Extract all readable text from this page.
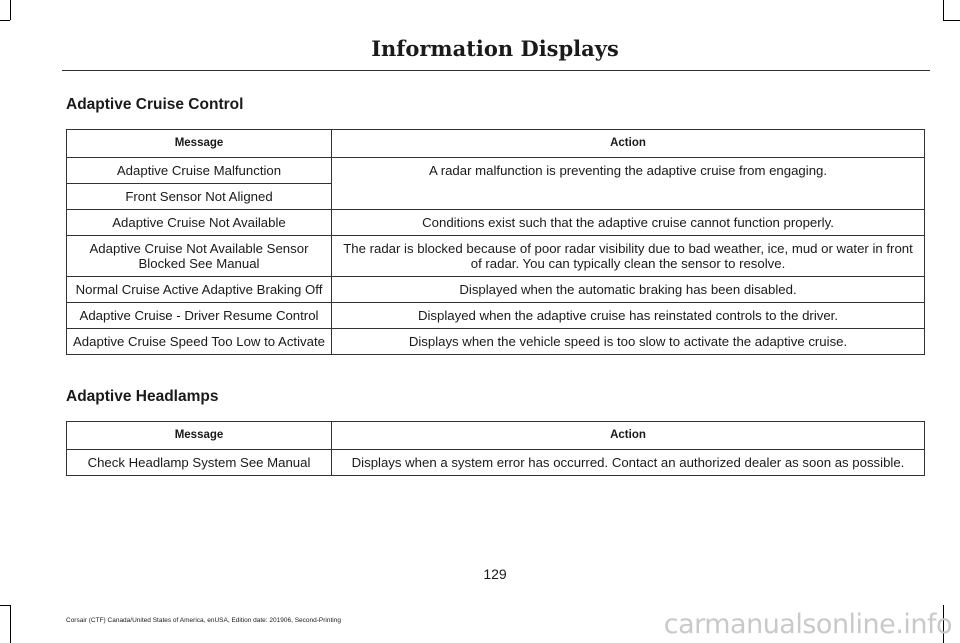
Information Displays
Adaptive Cruise Control
Message	Action
Adaptive Cruise Malfunction	A radar malfunction is preventing the adaptive cruise from engaging.
Front Sensor Not Aligned	
Adaptive Cruise Not Available	Conditions exist such that the adaptive cruise cannot function properly.
Adaptive Cruise Not Available Sensor Blocked See Manual	The radar is blocked because of poor radar visibility due to bad weather, ice, mud or water in front of radar. You can typically clean the sensor to resolve.
Normal Cruise Active Adaptive Braking Off	Displayed when the automatic braking has been disabled.
Adaptive Cruise - Driver Resume Control	Displayed when the adaptive cruise has reinstated controls to the driver.
Adaptive Cruise Speed Too Low to Activate	Displays when the vehicle speed is too slow to activate the adaptive cruise.
Adaptive Headlamps
Message	Action
Check Headlamp System See Manual	Displays when a system error has occurred. Contact an authorized dealer as soon as possible.
129
Corsair (CTF) Canada/United States of America, enUSA, Edition date: 201906, Second-Printing	carmanualsonline.info
